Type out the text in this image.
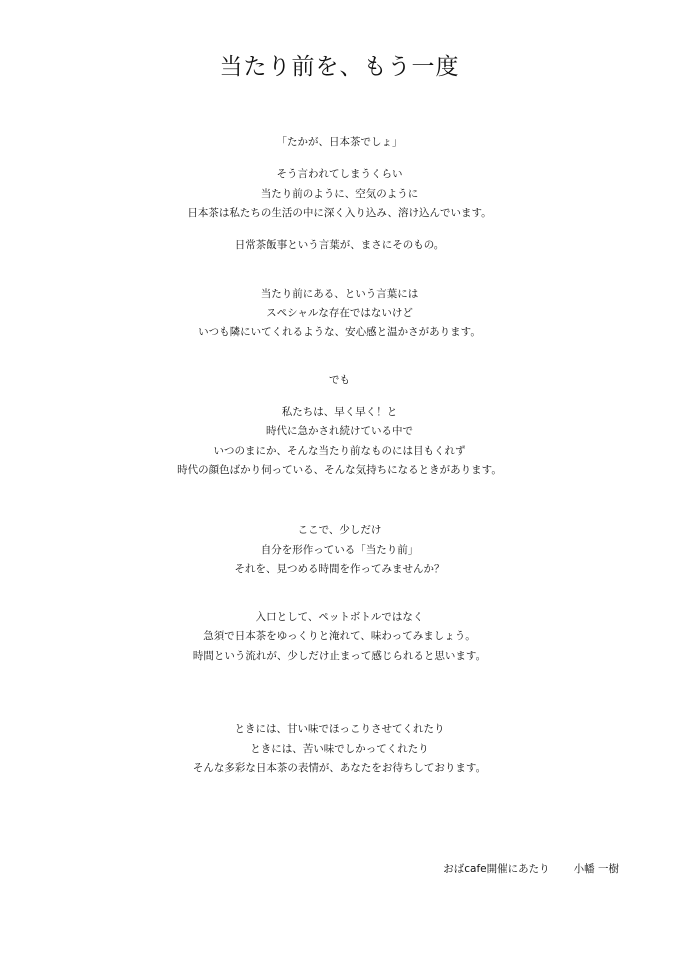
当たり前を、もう一度

「たかが、日本茶でしょ」

そう言われてしまうくらい

当たり前のように、空気のように

日本茶は私たちの生活の中に深く入り込み、溶け込んでいます。

日常茶飯事という言葉が、まさにそのもの。

当たり前にある、という言葉には

スペシャルな存在ではないけど

いつも隣にいてくれるような、安心感と温かさがあります。

でも

私たちは、早く早く！と

時代に急かされ続けている中で

いつのまにか、そんな当たり前なものには目もくれず

時代の顔色ばかり伺っている、そんな気持ちになるときがあります。

ここで、少しだけ

自分を形作っている「当たり前」

それを、見つめる時間を作ってみませんか？

入口として、ペットボトルではなく

急須で日本茶をゆっくりと淹れて、味わってみましょう。

時間という流れが、少しだけ止まって感じられると思います。

ときには、甘い味でほっこりさせてくれたり

ときには、苦い味でしかってくれたり

そんな多彩な日本茶の表情が、あなたをお待ちしております。

おばcafe開催にあたり 小幡 一樹
